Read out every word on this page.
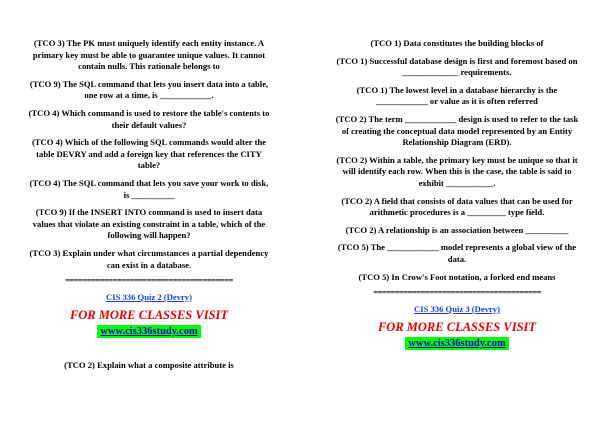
(TCO 3) The PK must uniquely identify each entity instance. A primary key must be able to guarantee unique values. It cannot contain nulls. This rationale belongs to

(TCO 9) The SQL command that lets you insert data into a table, one row at a time, is ____________.

(TCO 4) Which command is used to restore the table's contents to their default values?

(TCO 4) Which of the following SQL commands would alter the table DEVRY and add a foreign key that references the CITY table?

(TCO 4) The SQL command that lets you save your work to disk, is __________

(TCO 9) If the INSERT INTO command is used to insert data values that violate an existing constraint in a table, which of the following will happen?

(TCO 3) Explain under what circumstances a partial dependency can exist in a database.

=======================================
CIS 336 Quiz 2 (Devry)
FOR MORE CLASSES VISIT
www.cis336study.com

(TCO 2) Explain what a composite attribute is

(TCO 1) Data constitutes the building blocks of

(TCO 1) Successful database design is first and foremost based on _____________ requirements.

(TCO 1) The lowest level in a database hierarchy is the ____________ or value as it is often referred

(TCO 2) The term ____________ design is used to refer to the task of creating the conceptual data model represented by an Entity Relationship Diagram (ERD).

(TCO 2) Within a table, the primary key must be unique so that it will identify each row. When this is the case, the table is said to exhibit ___________.

(TCO 2) A field that consists of data values that can be used for arithmetic procedures is a _________ type field.

(TCO 2) A relationship is an association between __________

(TCO 5) The ____________ model represents a global view of the data.

(TCO 5) In Crow's Foot notation, a forked end means

=======================================
CIS 336 Quiz 3 (Devry)
FOR MORE CLASSES VISIT
www.cis336study.com
